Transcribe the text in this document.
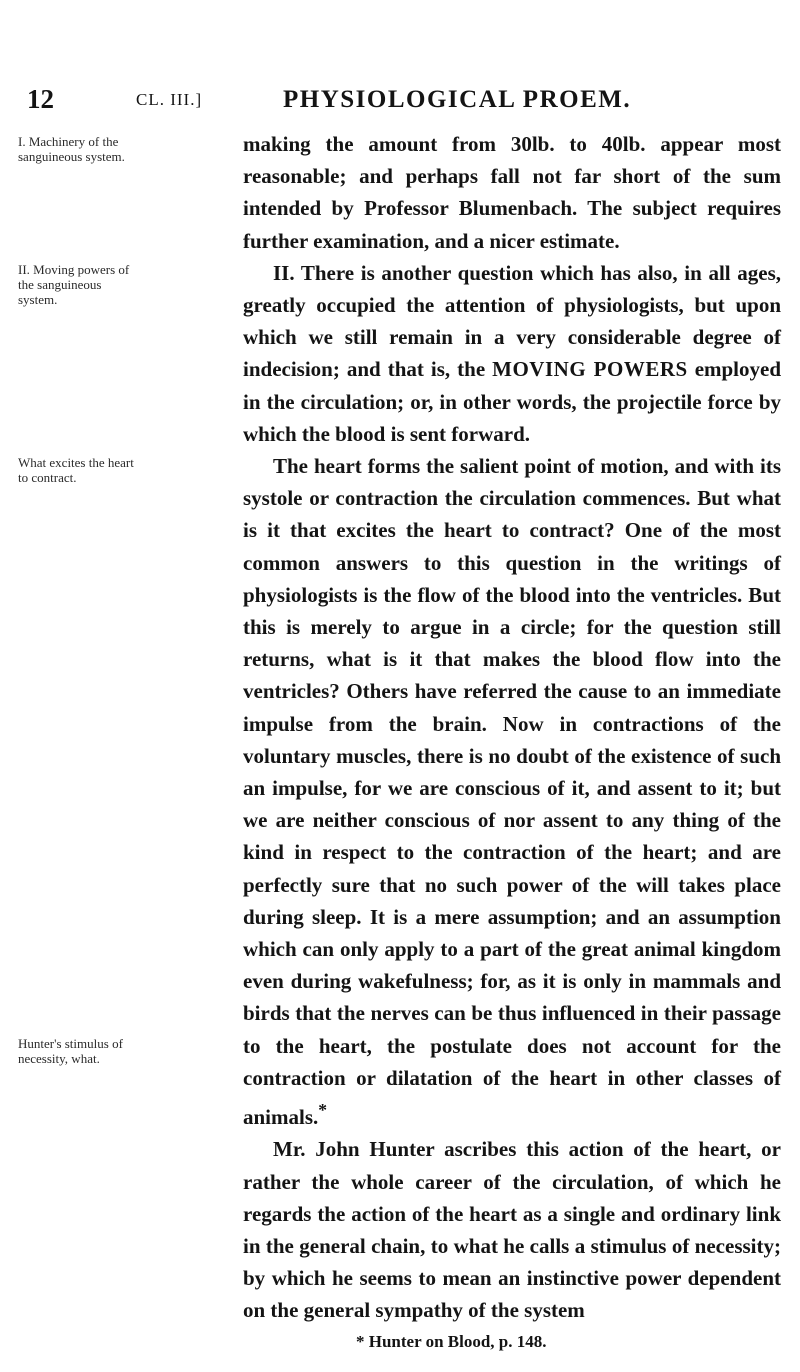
12	CL. III.]	PHYSIOLOGICAL PROEM.
I. Machinery of the sanguineous system.
II. Moving powers of the sanguineous system.
What excites the heart to contract.
Hunter's stimulus of necessity, what.

making the amount from 30lb. to 40lb. appear most reasonable; and perhaps fall not far short of the sum intended by Professor Blumenbach. The subject requires further examination, and a nicer estimate.

II. There is another question which has also, in all ages, greatly occupied the attention of physiologists, but upon which we still remain in a very considerable degree of indecision; and that is, the MOVING POWERS employed in the circulation; or, in other words, the projectile force by which the blood is sent forward.

The heart forms the salient point of motion, and with its systole or contraction the circulation commences. But what is it that excites the heart to contract? One of the most common answers to this question in the writings of physiologists is the flow of the blood into the ventricles. But this is merely to argue in a circle; for the question still returns, what is it that makes the blood flow into the ventricles? Others have referred the cause to an immediate impulse from the brain. Now in contractions of the voluntary muscles, there is no doubt of the existence of such an impulse, for we are conscious of it, and assent to it; but we are neither conscious of nor assent to any thing of the kind in respect to the contraction of the heart; and are perfectly sure that no such power of the will takes place during sleep. It is a mere assumption; and an assumption which can only apply to a part of the great animal kingdom even during wakefulness; for, as it is only in mammals and birds that the nerves can be thus influenced in their passage to the heart, the postulate does not account for the contraction or dilatation of the heart in other classes of animals.*

Mr. John Hunter ascribes this action of the heart, or rather the whole career of the circulation, of which he regards the action of the heart as a single and ordinary link in the general chain, to what he calls a stimulus of necessity; by which he seems to mean an instinctive power dependent on the general sympathy of the system

* Hunter on Blood, p. 148.
